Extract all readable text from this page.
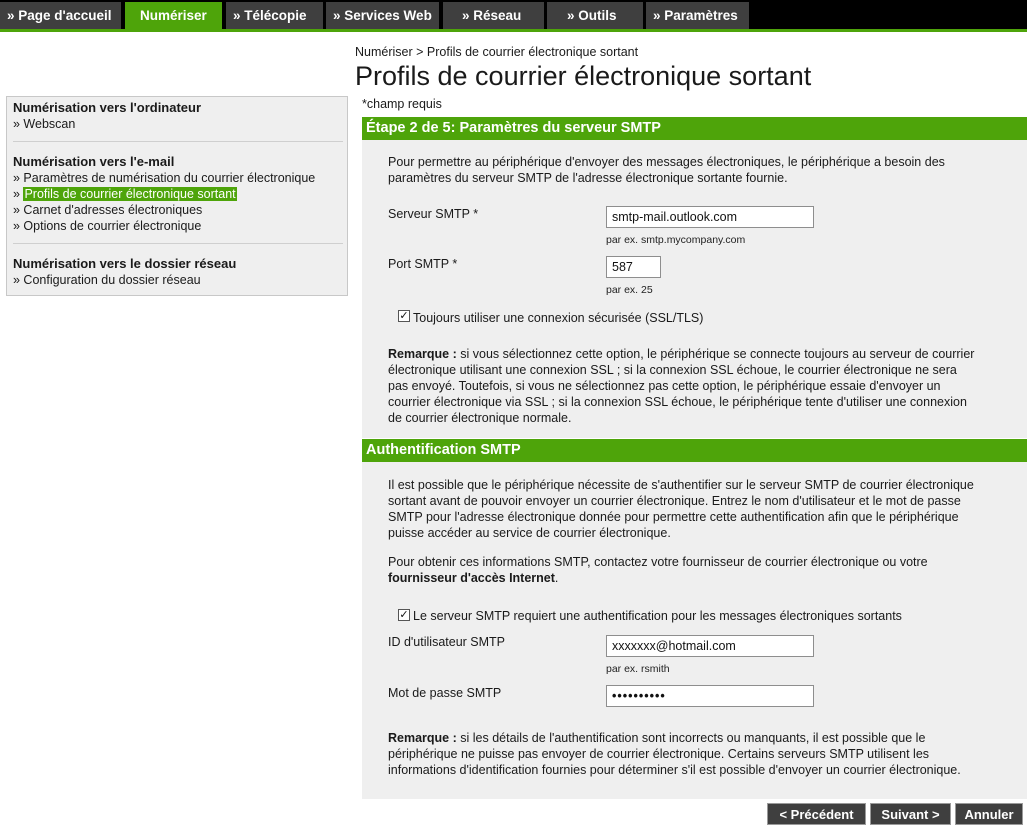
» Page d'accueil	Numériser	» Télécopie	» Services Web	» Réseau	» Outils	» Paramètres
Numérisation vers l'ordinateur
» Webscan
Numérisation vers l'e-mail
» Paramètres de numérisation du courrier électronique
» Profils de courrier électronique sortant
» Carnet d'adresses électroniques
» Options de courrier électronique
Numérisation vers le dossier réseau
» Configuration du dossier réseau
Numériser > Profils de courrier électronique sortant
Profils de courrier électronique sortant
*champ requis
Étape 2 de 5: Paramètres du serveur SMTP
Pour permettre au périphérique d'envoyer des messages électroniques, le périphérique a besoin des
paramètres du serveur SMTP de l'adresse électronique sortante fournie.
Serveur SMTP *
smtp-mail.outlook.com
par ex. smtp.mycompany.com
Port SMTP *
587
par ex. 25
✓ Toujours utiliser une connexion sécurisée (SSL/TLS)
Remarque : si vous sélectionnez cette option, le périphérique se connecte toujours au serveur de courrier
électronique utilisant une connexion SSL ; si la connexion SSL échoue, le courrier électronique ne sera
pas envoyé. Toutefois, si vous ne sélectionnez pas cette option, le périphérique essaie d'envoyer un
courrier électronique via SSL ; si la connexion SSL échoue, le périphérique tente d'utiliser une connexion
de courrier électronique normale.
Authentification SMTP
Il est possible que le périphérique nécessite de s'authentifier sur le serveur SMTP de courrier électronique
sortant avant de pouvoir envoyer un courrier électronique. Entrez le nom d'utilisateur et le mot de passe
SMTP pour l'adresse électronique donnée pour permettre cette authentification afin que le périphérique
puisse accéder au service de courrier électronique.
Pour obtenir ces informations SMTP, contactez votre fournisseur de courrier électronique ou votre
fournisseur d'accès Internet.
✓ Le serveur SMTP requiert une authentification pour les messages électroniques sortants
ID d'utilisateur SMTP
xxxxxxx@hotmail.com
par ex. rsmith
Mot de passe SMTP
••••••••••
Remarque : si les détails de l'authentification sont incorrects ou manquants, il est possible que le
périphérique ne puisse pas envoyer de courrier électronique. Certains serveurs SMTP utilisent les
informations d'identification fournies pour déterminer s'il est possible d'envoyer un courrier électronique.
< Précédent	Suivant >	Annuler
